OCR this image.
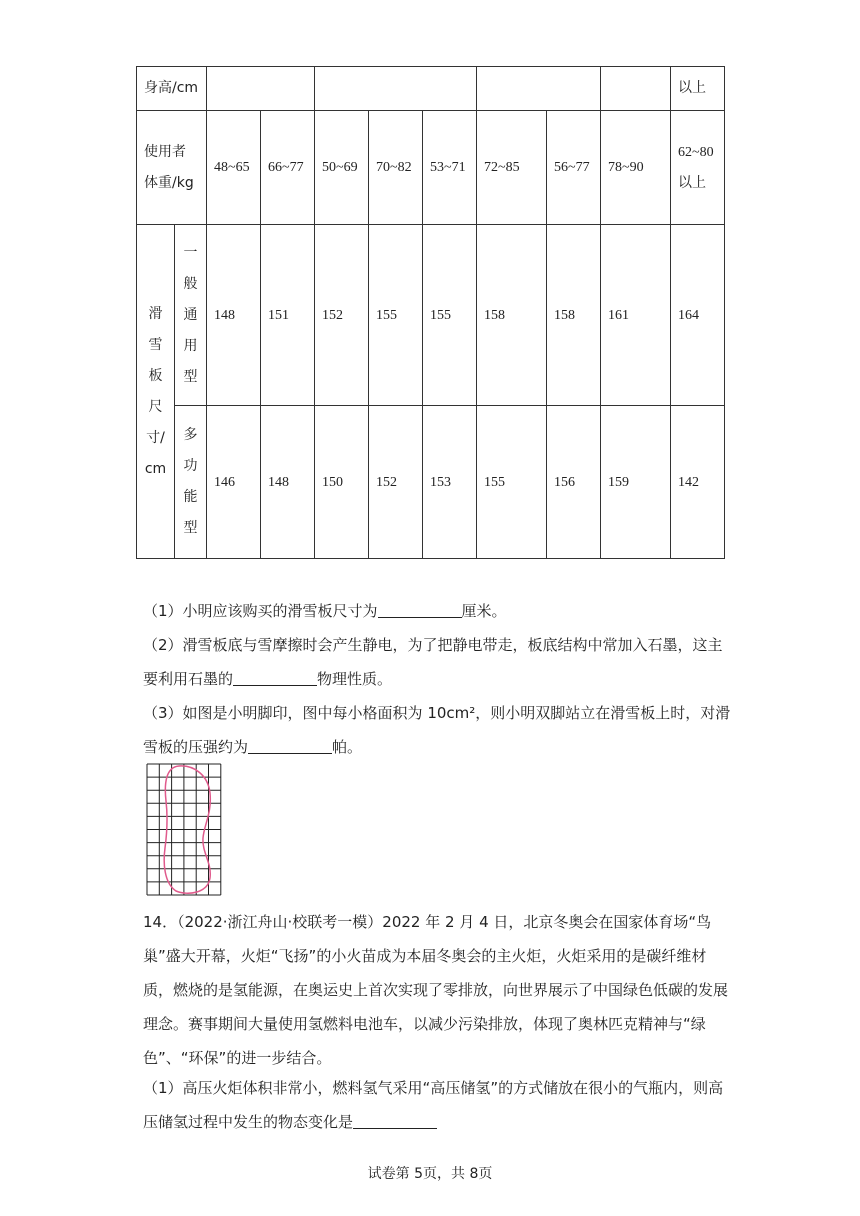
身高/cm										以上
使用者体重/kg		48~65	66~77	50~69	70~82	53~71	72~85	56~77	78~90	62~80 以上
滑雪板尺寸/cm	一般通用型	148	151	152	155	155	158	158	161	164
	多功能型	146	148	150	152	153	155	156	159	142
（1）小明应该购买的滑雪板尺寸为	厘米。
（2）滑雪板底与雪摩擦时会产生静电，为了把静电带走，板底结构中常加入石墨，这主要利用石墨的	物理性质。
（3）如图是小明脚印，图中每小格面积为 10cm²，则小明双脚站立在滑雪板上时，对滑雪板的压强约为	帕。
14．（2022·浙江舟山·校联考一模）2022 年 2 月 4 日，北京冬奥会在国家体育场“鸟巢”盛大开幕，火炬“飞扬”的小火苗成为本届冬奥会的主火炬，火炬采用的是碳纤维材质，燃烧的是氢能源，在奥运史上首次实现了零排放，向世界展示了中国绿色低碳的发展理念。赛事期间大量使用氢燃料电池车，以减少污染排放，体现了奥林匹克精神与“绿色”、“环保”的进一步结合。
（1）高压火炬体积非常小，燃料氢气采用“高压储氢”的方式储放在很小的气瓶内，则高压储氢过程中发生的物态变化是
试卷第 5页，共 8页
